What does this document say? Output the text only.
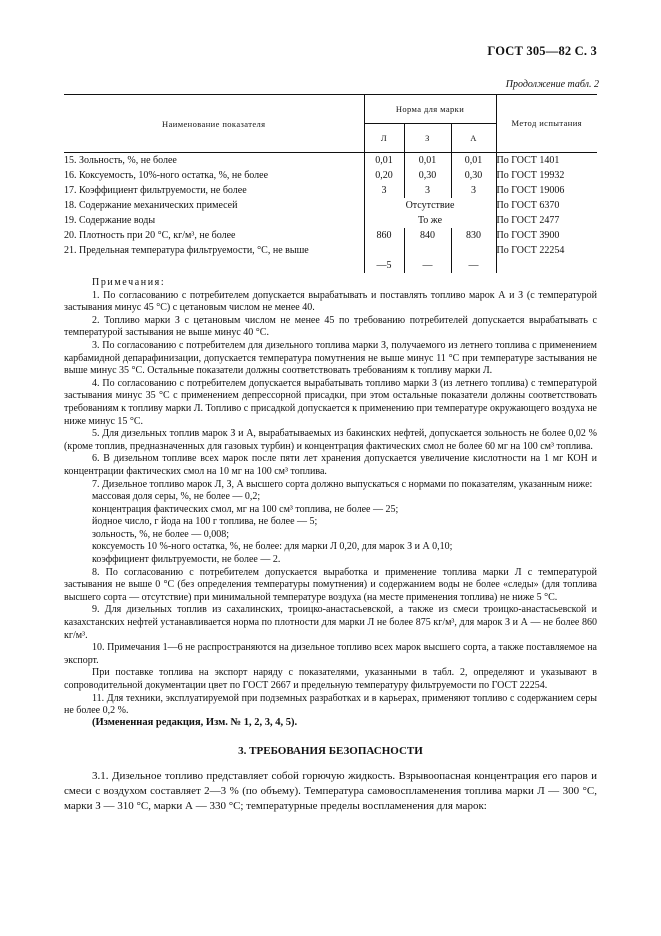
ГОСТ 305—82 С. 3
Продолжение табл. 2
Наименование показателя	Норма для марки			Метод испытания
	Л	З	А	
15. Зольность, %, не более	0,01	0,01	0,01	По ГОСТ 1401
16. Коксуемость, 10%-ного остатка, %, не более	0,20	0,30	0,30	По ГОСТ 19932
17. Коэффициент фильтруемости, не более	3	3	3	По ГОСТ 19006
18. Содержание механических примесей	Отсутствие			По ГОСТ 6370
19. Содержание воды	То же			По ГОСТ 2477
20. Плотность при 20 °С, кг/м³, не более	860	840	830	По ГОСТ 3900
21. Предельная температура фильтруемости, °С, не выше	—5	—	—	По ГОСТ 22254

Примечания:

1. По согласованию с потребителем допускается вырабатывать и поставлять топливо марок А и З (с температурой застывания минус 45 °С) с цетановым числом не менее 40.

2. Топливо марки З с цетановым числом не менее 45 по требованию потребителей допускается вырабатывать с температурой застывания не выше минус 40 °С.

3. По согласованию с потребителем для дизельного топлива марки З, получаемого из летнего топлива с применением карбамидной депарафинизации, допускается температура помутнения не выше минус 11 °С при температуре застывания не выше минус 35 °С. Остальные показатели должны соответствовать требованиям к топливу марки Л.

4. По согласованию с потребителем допускается вырабатывать топливо марки З (из летнего топлива) с температурой застывания минус 35 °С с применением депрессорной присадки, при этом остальные показатели должны соответствовать требованиям к топливу марки Л. Топливо с присадкой допускается к применению при температуре окружающего воздуха не ниже минус 15 °С.

5. Для дизельных топлив марок З и А, вырабатываемых из бакинских нефтей, допускается зольность не более 0,02 % (кроме топлив, предназначенных для газовых турбин) и концентрация фактических смол не более 60 мг на 100 см³ топлива.

6. В дизельном топливе всех марок после пяти лет хранения допускается увеличение кислотности на 1 мг КОН и концентрации фактических смол на 10 мг на 100 см³ топлива.

7. Дизельное топливо марок Л, З, А высшего сорта должно выпускаться с нормами по показателям, указанным ниже:

массовая доля серы, %, не более — 0,2;

концентрация фактических смол, мг на 100 см³ топлива, не более — 25;

йодное число, г йода на 100 г топлива, не более — 5;

зольность, %, не более — 0,008;

коксуемость 10 %-ного остатка, %, не более: для марки Л 0,20, для марок З и А 0,10;

коэффициент фильтруемости, не более — 2.

8. По согласованию с потребителем допускается выработка и применение топлива марки Л с температурой застывания не выше 0 °С (без определения температуры помутнения) и содержанием воды не более «следы» (для топлива высшего сорта — отсутствие) при минимальной температуре воздуха (на месте применения топлива) не ниже 5 °С.

9. Для дизельных топлив из сахалинских, троицко-анастасьевской, а также из смеси троицко-анастасьевской и казахстанских нефтей устанавливается норма по плотности для марки Л не более 875 кг/м³, для марок З и А — не более 860 кг/м³.

10. Примечания 1—6 не распространяются на дизельное топливо всех марок высшего сорта, а также поставляемое на экспорт.

При поставке топлива на экспорт наряду с показателями, указанными в табл. 2, определяют и указывают в сопроводительной документации цвет по ГОСТ 2667 и предельную температуру фильтруемости по ГОСТ 22254.

11. Для техники, эксплуатируемой при подземных разработках и в карьерах, применяют топливо с содержанием серы не более 0,2 %.

(Измененная редакция, Изм. № 1, 2, 3, 4, 5).
3. ТРЕБОВАНИЯ БЕЗОПАСНОСТИ

3.1. Дизельное топливо представляет собой горючую жидкость. Взрывоопасная концентрация его паров и смеси с воздухом составляет 2—3 % (по объему). Температура самовоспламенения топлива марки Л — 300 °С, марки З — 310 °С, марки А — 330 °С; температурные пределы воспламенения для марок:
